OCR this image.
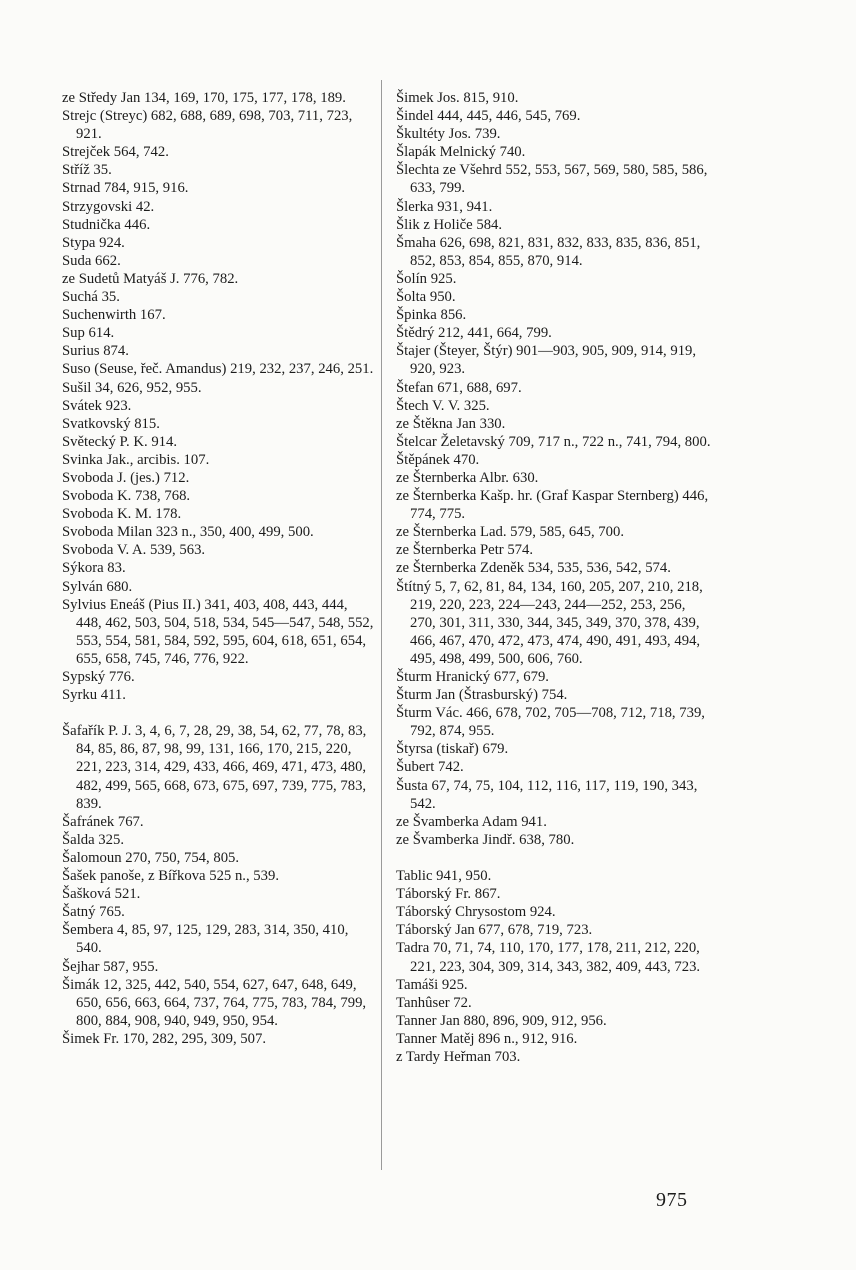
ze Středy Jan 134, 169, 170, 175, 177, 178, 189.
Strejc (Streyc) 682, 688, 689, 698, 703, 711, 723, 921.
Strejček 564, 742.
Stříž 35.
Strnad 784, 915, 916.
Strzygovski 42.
Studnička 446.
Stypa 924.
Suda 662.
ze Sudetů Matyáš J. 776, 782.
Suchá 35.
Suchenwirth 167.
Sup 614.
Surius 874.
Suso (Seuse, řeč. Amandus) 219, 232, 237, 246, 251.
Sušil 34, 626, 952, 955.
Svátek 923.
Svatkovský 815.
Světecký P. K. 914.
Svinka Jak., arcibis. 107.
Svoboda J. (jes.) 712.
Svoboda K. 738, 768.
Svoboda K. M. 178.
Svoboda Milan 323 n., 350, 400, 499, 500.
Svoboda V. A. 539, 563.
Sýkora 83.
Sylván 680.
Sylvius Eneáš (Pius II.) 341, 403, 408, 443, 444, 448, 462, 503, 504, 518, 534, 545—547, 548, 552, 553, 554, 581, 584, 592, 595, 604, 618, 651, 654, 655, 658, 745, 746, 776, 922.
Sypský 776.
Syrku 411.
Šafařík P. J. 3, 4, 6, 7, 28, 29, 38, 54, 62, 77, 78, 83, 84, 85, 86, 87, 98, 99, 131, 166, 170, 215, 220, 221, 223, 314, 429, 433, 466, 469, 471, 473, 480, 482, 499, 565, 668, 673, 675, 697, 739, 775, 783, 839.
Šafránek 767.
Šalda 325.
Šalomoun 270, 750, 754, 805.
Šašek panoše, z Bířkova 525 n., 539.
Šašková 521.
Šatný 765.
Šembera 4, 85, 97, 125, 129, 283, 314, 350, 410, 540.
Šejhar 587, 955.
Šimák 12, 325, 442, 540, 554, 627, 647, 648, 649, 650, 656, 663, 664, 737, 764, 775, 783, 784, 799, 800, 884, 908, 940, 949, 950, 954.
Šimek Fr. 170, 282, 295, 309, 507.
Šimek Jos. 815, 910.
Šindel 444, 445, 446, 545, 769.
Škultéty Jos. 739.
Šlapák Melnický 740.
Šlechta ze Všehrd 552, 553, 567, 569, 580, 585, 586, 633, 799.
Šlerka 931, 941.
Šlik z Holiče 584.
Šmaha 626, 698, 821, 831, 832, 833, 835, 836, 851, 852, 853, 854, 855, 870, 914.
Šolín 925.
Šolta 950.
Špinka 856.
Štědrý 212, 441, 664, 799.
Štajer (Šteyer, Štýr) 901—903, 905, 909, 914, 919, 920, 923.
Štefan 671, 688, 697.
Štech V. V. 325.
ze Štěkna Jan 330.
Štelcar Želetavský 709, 717 n., 722 n., 741, 794, 800.
Štěpánek 470.
ze Šternberka Albr. 630.
ze Šternberka Kašp. hr. (Graf Kaspar Sternberg) 446, 774, 775.
ze Šternberka Lad. 579, 585, 645, 700.
ze Šternberka Petr 574.
ze Šternberka Zdeněk 534, 535, 536, 542, 574.
Štítný 5, 7, 62, 81, 84, 134, 160, 205, 207, 210, 218, 219, 220, 223, 224—243, 244—252, 253, 256, 270, 301, 311, 330, 344, 345, 349, 370, 378, 439, 466, 467, 470, 472, 473, 474, 490, 491, 493, 494, 495, 498, 499, 500, 606, 760.
Šturm Hranický 677, 679.
Šturm Jan (Štrasburský) 754.
Šturm Vác. 466, 678, 702, 705—708, 712, 718, 739, 792, 874, 955.
Štyrsa (tiskař) 679.
Šubert 742.
Šusta 67, 74, 75, 104, 112, 116, 117, 119, 190, 343, 542.
ze Švamberka Adam 941.
ze Švamberka Jindř. 638, 780.
Tablic 941, 950.
Táborský Fr. 867.
Táborský Chrysostom 924.
Táborský Jan 677, 678, 719, 723.
Tadra 70, 71, 74, 110, 170, 177, 178, 211, 212, 220, 221, 223, 304, 309, 314, 343, 382, 409, 443, 723.
Tamáši 925.
Tanhûser 72.
Tanner Jan 880, 896, 909, 912, 956.
Tanner Matěj 896 n., 912, 916.
z Tardy Heřman 703.
975
